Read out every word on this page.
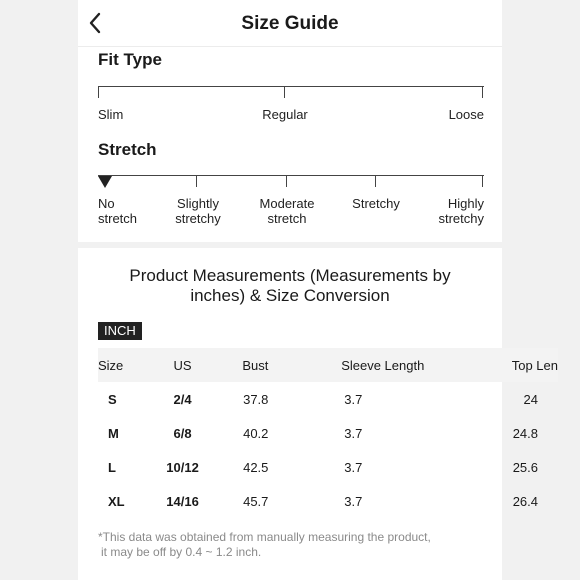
Fit Type
Slim	Regular	Loose
Stretch
No
stretch
Slightly
stretchy
Moderate
stretch
Stretchy	Highly
stretchy
Size Guide
Product Measurements (Measurements by
inches) & Size Conversion
INCH
Size	US	Bust	Sleeve Length	Top Len
S	2/4	37.8	3.7	24
M	6/8	40.2	3.7	24.8
L	10/12	42.5	3.7	25.6
XL	14/16	45.7	3.7	26.4
*This data was obtained from manually measuring the product,
it may be off by 0.4 ~ 1.2 inch.
